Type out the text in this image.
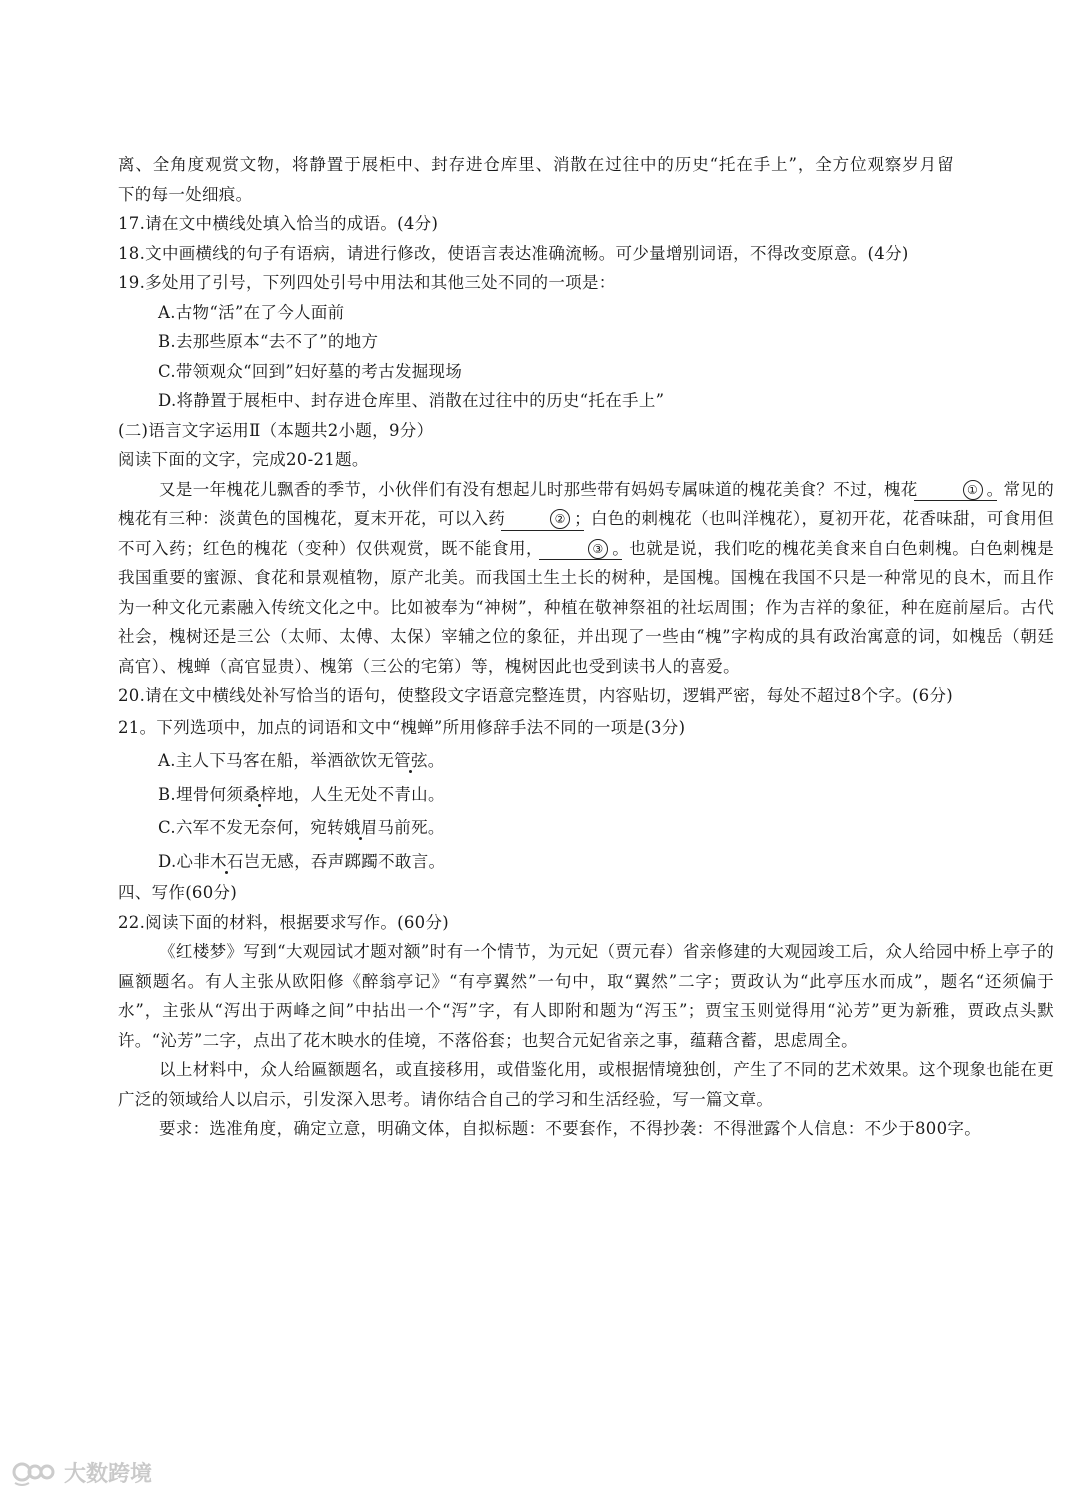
离、全角度观赏文物，将静置于展柜中、封存进仓库里、消散在过往中的历史“托在手上”，全方位观察岁月留

下的每一处细痕。

17.请在文中横线处填入恰当的成语。(4分)

18.文中画横线的句子有语病，请进行修改，使语言表达准确流畅。可少量增别词语，不得改变原意。(4分)

19.多处用了引号，下列四处引号中用法和其他三处不同的一项是：

A.古物“活”在了今人面前

B.去那些原本“去不了”的地方

C.带领观众“回到”妇好墓的考古发掘现场

D.将静置于展柜中、封存进仓库里、消散在过往中的历史“托在手上”

(二)语言文字运用Ⅱ（本题共2小题，9分）

阅读下面的文字，完成20-21题。

又是一年槐花儿飘香的季节，小伙伴们有没有想起儿时那些带有妈妈专属味道的槐花美食？不过，槐花	① 。常见的槐花有三种：淡黄色的国槐花，夏末开花，可以入药	② ；白色的刺槐花（也叫洋槐花），夏初开花，花香味甜，可食用但不可入药；红色的槐花（变种）仅供观赏，既不能食用，	③ 。也就是说，我们吃的槐花美食来自白色刺槐。白色刺槐是我国重要的蜜源、食花和景观植物，原产北美。而我国土生土长的树种，是国槐。国槐在我国不只是一种常见的良木，而且作为一种文化元素融入传统文化之中。比如被奉为“神树”，种植在敬神祭祖的社坛周围；作为吉祥的象征，种在庭前屋后。古代社会，槐树还是三公（太师、太傅、太保）宰辅之位的象征，并出现了一些由“槐”字构成的具有政治寓意的词，如槐岳（朝廷高官）、槐蝉（高官显贵）、槐第（三公的宅第）等，槐树因此也受到读书人的喜爱。

20.请在文中横线处补写恰当的语句，使整段文字语意完整连贯，内容贴切，逻辑严密，每处不超过8个字。(6分)

21。下列选项中，加点的词语和文中“槐蝉”所用修辞手法不同的一项是(3分)

A.主人下马客在船，举酒欲饮无管弦。

B.埋骨何须桑梓地，人生无处不青山。

C.六军不发无奈何，宛转娥眉马前死。

D.心非木石岂无感，吞声踯躅不敢言。

四、写作(60分)

22.阅读下面的材料，根据要求写作。(60分)

《红楼梦》写到“大观园试才题对额”时有一个情节，为元妃（贾元春）省亲修建的大观园竣工后，众人给园中桥上亭子的匾额题名。有人主张从欧阳修《醉翁亭记》“有亭翼然”一句中，取“翼然”二字；贾政认为“此亭压水而成”，题名“还须偏于水”，主张从“泻出于两峰之间”中拈出一个“泻”字，有人即附和题为“泻玉”；贾宝玉则觉得用“沁芳”更为新雅，贾政点头默许。“沁芳”二字，点出了花木映水的佳境，不落俗套；也契合元妃省亲之事，蕴藉含蓄，思虑周全。

以上材料中，众人给匾额题名，或直接移用，或借鉴化用，或根据情境独创，产生了不同的艺术效果。这个现象也能在更广泛的领域给人以启示，引发深入思考。请你结合自己的学习和生活经验，写一篇文章。

要求：选准角度，确定立意，明确文体，自拟标题：不要套作，不得抄袭：不得泄露个人信息：不少于800字。

大数跨境
